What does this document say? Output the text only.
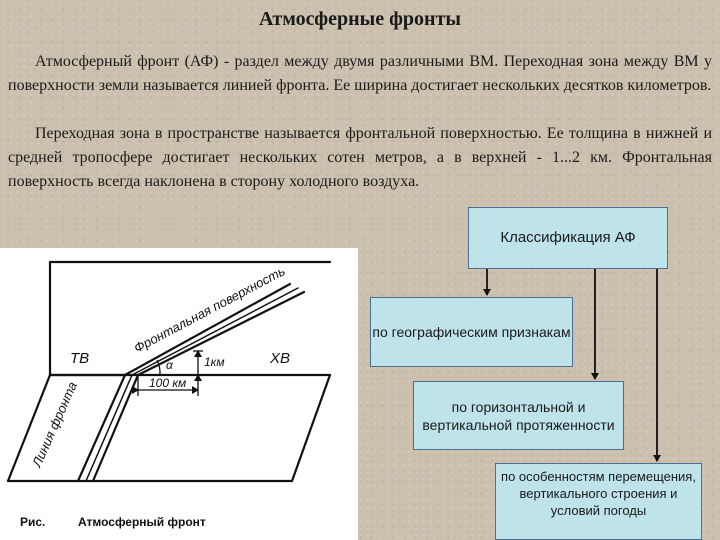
Атмосферные фронты

Атмосферный фронт (АФ) - раздел между двумя различными ВМ. Переходная зона между ВМ у поверхности земли называется линией фронта. Ее ширина достигает нескольких десятков километров.

Переходная зона в пространстве называется фронтальной поверхностью. Ее толщина в нижней и средней тропосфере достигает нескольких сотен метров, а в верхней - 1...2 км. Фронтальная поверхность всегда наклонена в сторону холодного воздуха.

ТВ	ХВ
Фронтальная поверхность
Линия фронта
α	1км
100 км
Рис.	Атмосферный фронт
Классификация АФ
по географическим признакам
по горизонтальной и вертикальной протяженности
по особенностям перемещения, вертикального строения и условий погоды
